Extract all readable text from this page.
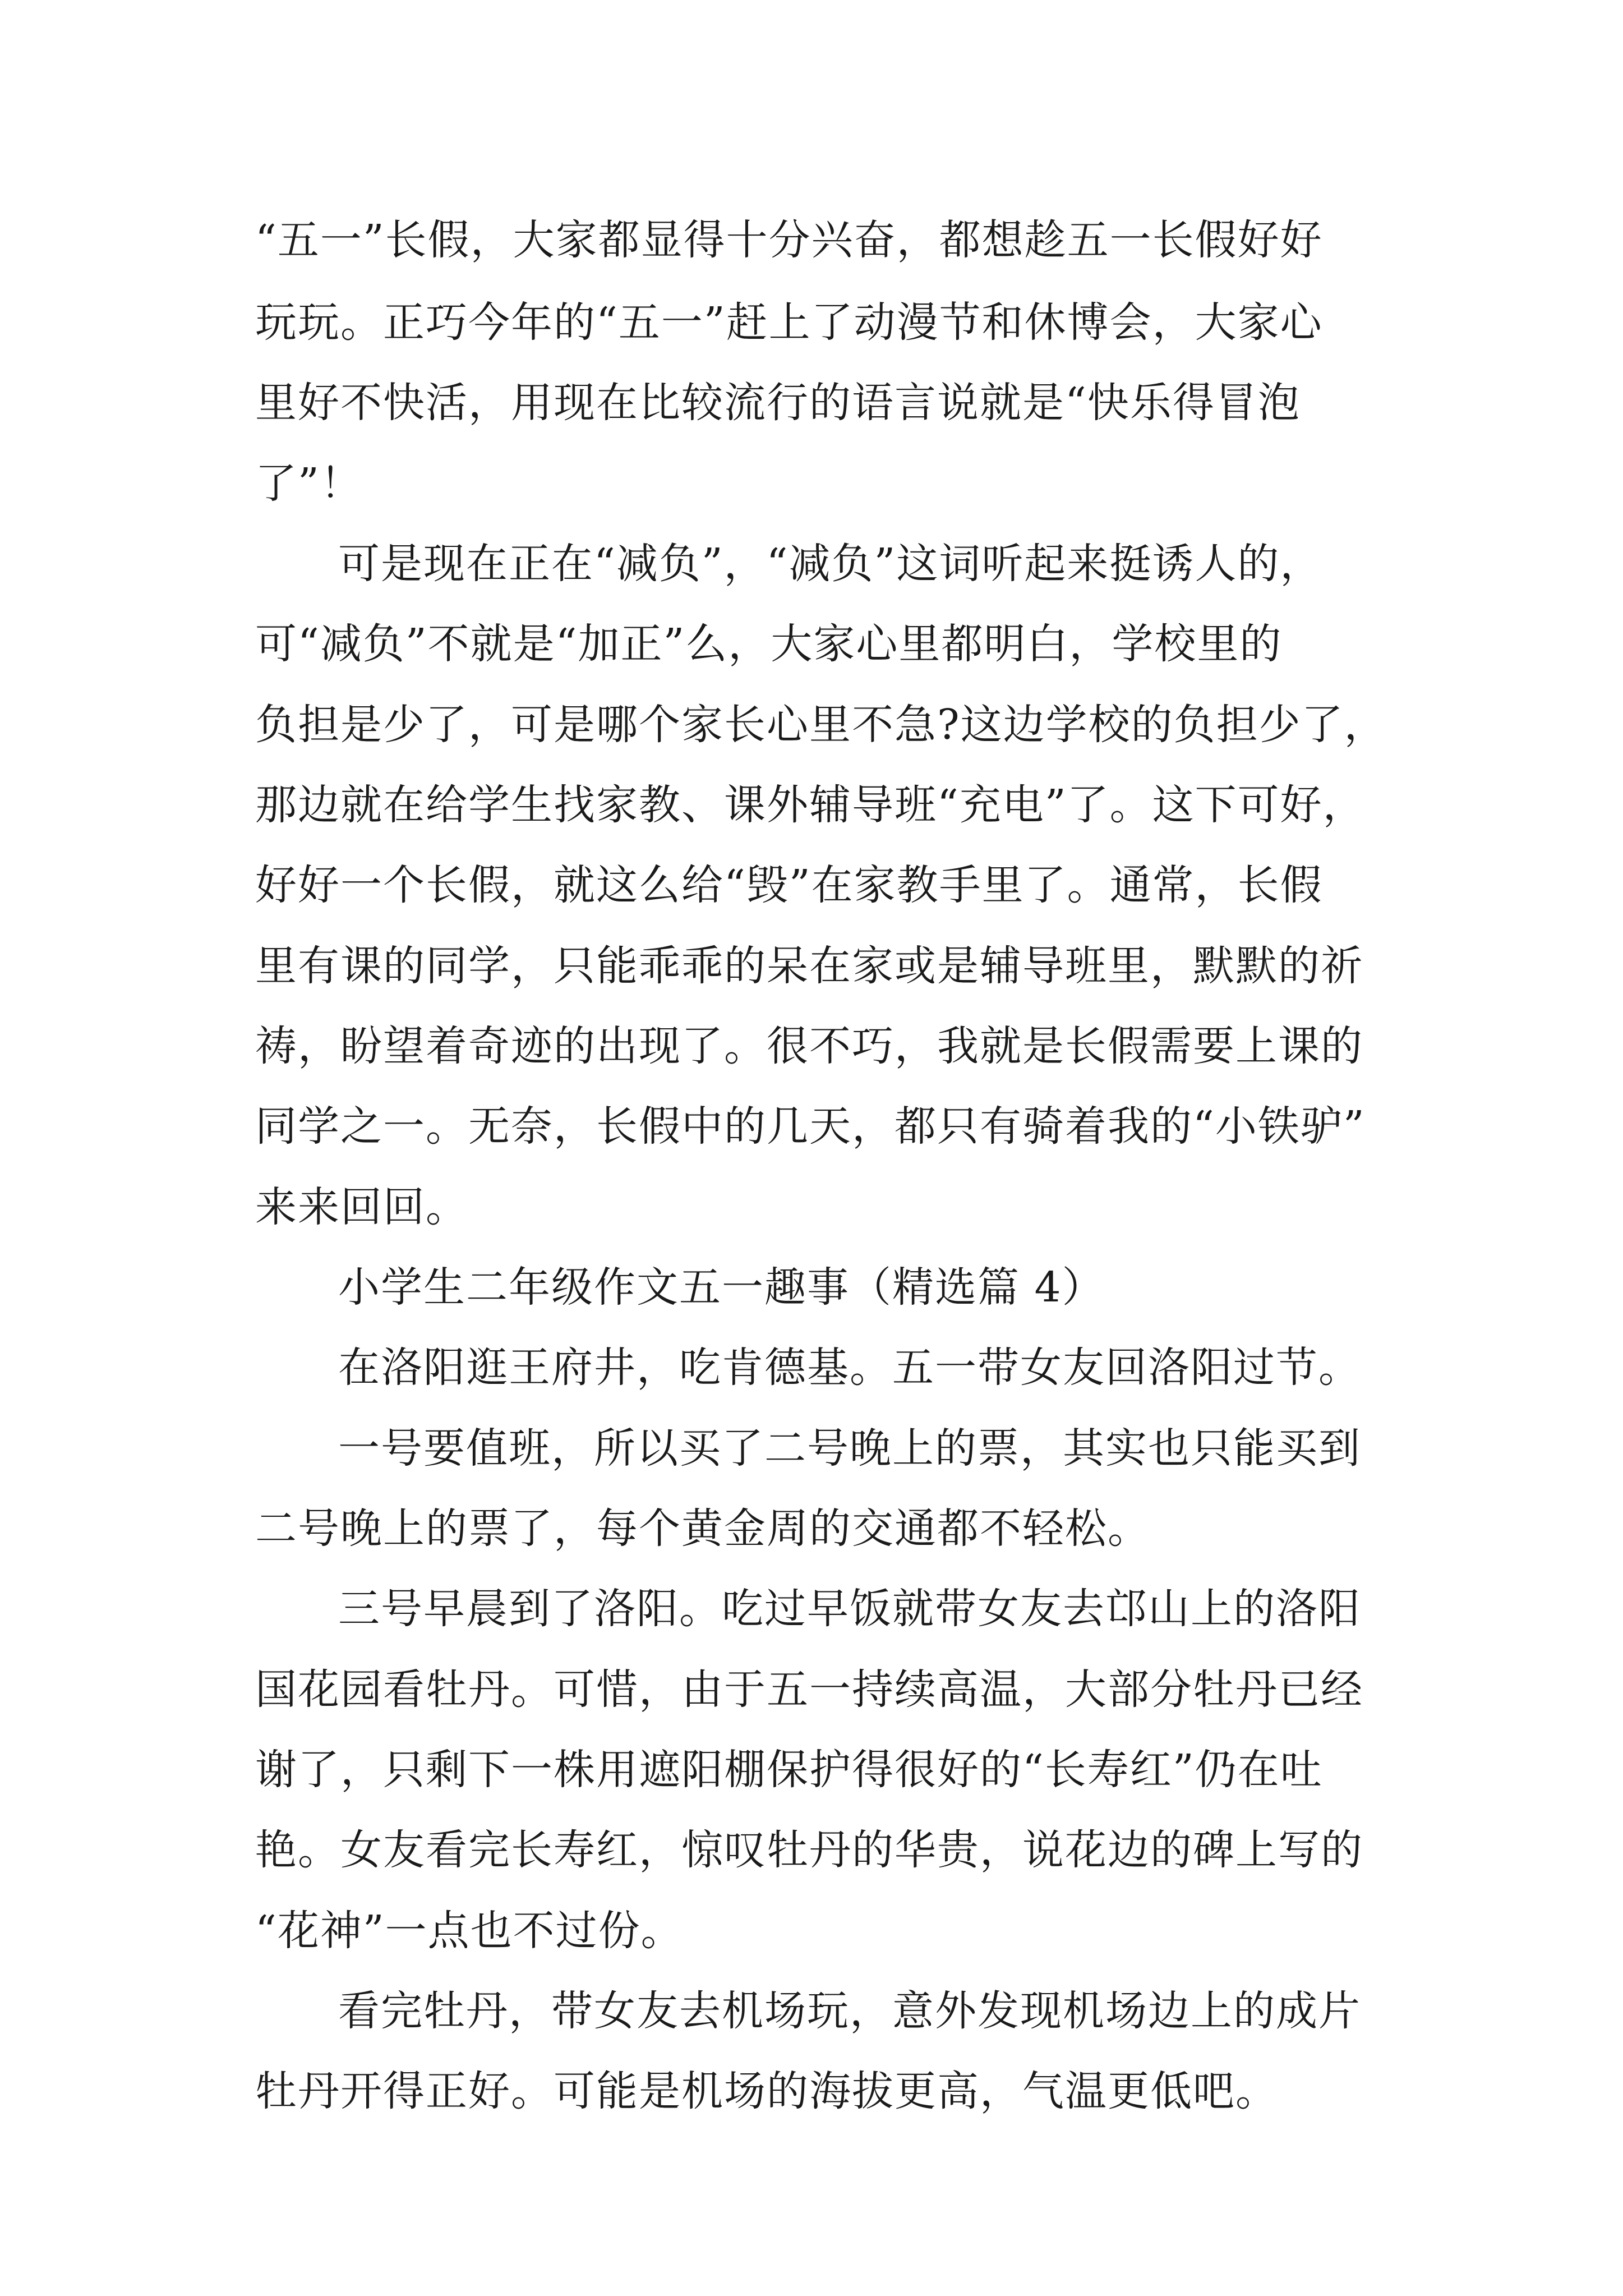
“五一”长假，大家都显得十分兴奋，都想趁五一长假好好
玩玩。正巧今年的“五一”赶上了动漫节和休博会，大家心
里好不快活，用现在比较流行的语言说就是“快乐得冒泡
了”！
可是现在正在“减负”，“减负”这词听起来挺诱人的，
可“减负”不就是“加正”么，大家心里都明白，学校里的
负担是少了，可是哪个家长心里不急?这边学校的负担少了，
那边就在给学生找家教、课外辅导班“充电”了。这下可好，
好好一个长假，就这么给“毁”在家教手里了。通常，长假
里有课的同学，只能乖乖的呆在家或是辅导班里，默默的祈
祷，盼望着奇迹的出现了。很不巧，我就是长假需要上课的
同学之一。无奈，长假中的几天，都只有骑着我的“小铁驴”
来来回回。
小学生二年级作文五一趣事（精选篇 4）
在洛阳逛王府井，吃肯德基。五一带女友回洛阳过节。
一号要值班，所以买了二号晚上的票，其实也只能买到
二号晚上的票了，每个黄金周的交通都不轻松。
三号早晨到了洛阳。吃过早饭就带女友去邙山上的洛阳
国花园看牡丹。可惜，由于五一持续高温，大部分牡丹已经
谢了，只剩下一株用遮阳棚保护得很好的“长寿红”仍在吐
艳。女友看完长寿红，惊叹牡丹的华贵，说花边的碑上写的
“花神”一点也不过份。
看完牡丹，带女友去机场玩，意外发现机场边上的成片
牡丹开得正好。可能是机场的海拔更高，气温更低吧。
